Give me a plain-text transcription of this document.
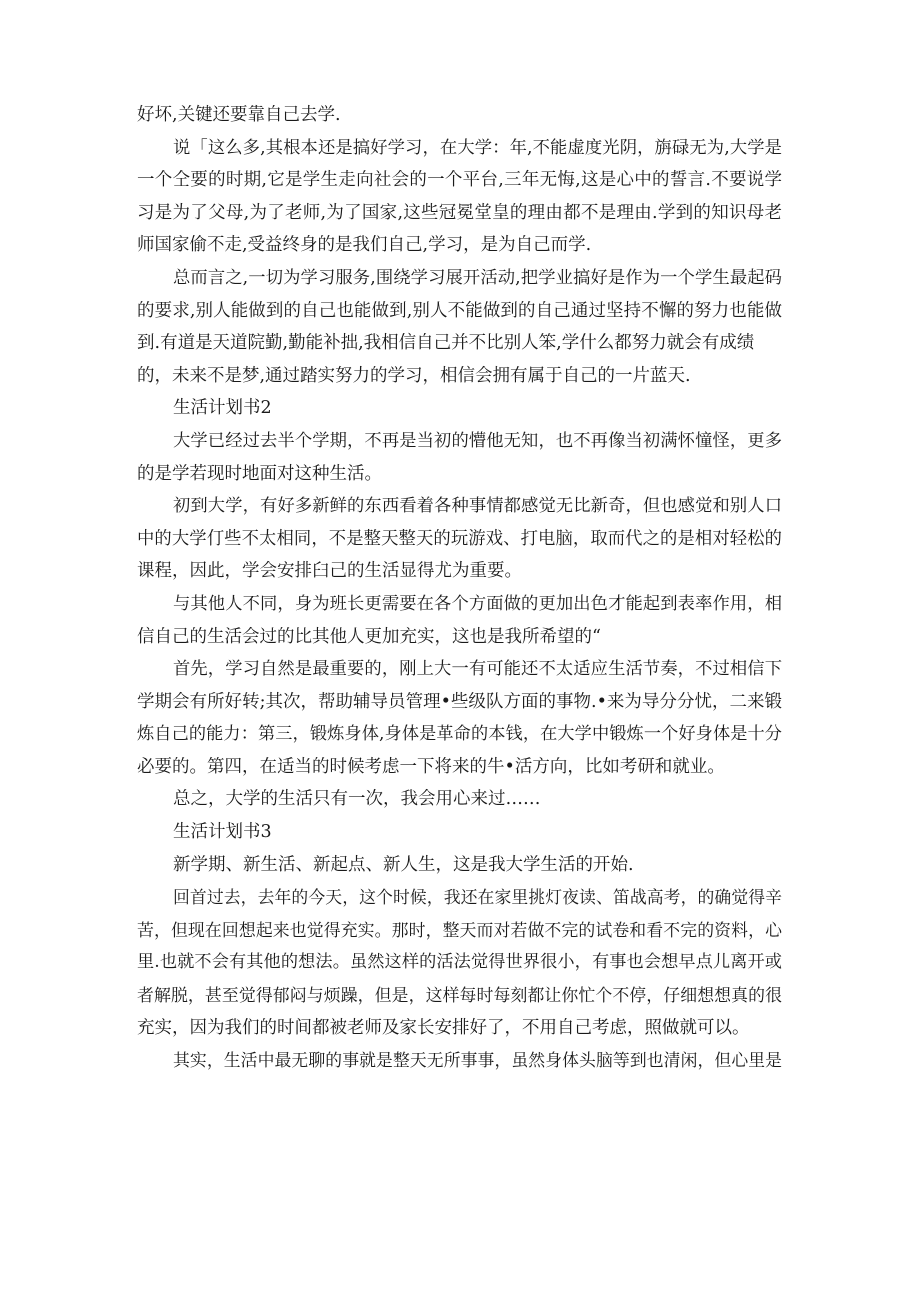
好坏,关键还要靠自己去学.
说「这么多,其根本还是搞好学习，在大学：年,不能虚度光阴，旃碌无为,大学是
一个仝要的时期,它是学生走向社会的一个平台,三年无悔,这是心中的誓言.不要说学
习是为了父母,为了老师,为了国家,这些冠冕堂皇的理由都不是理由.学到的知识母老
师国家偷不走,受益终身的是我们自己,学习，是为自己而学.
总而言之,一切为学习服务,围绕学习展开活动,把学业搞好是作为一个学生最起码
的要求,别人能做到的自己也能做到,别人不能做到的自己通过坚持不懈的努力也能做
到.有道是天道院勤,勤能补拙,我相信自己并不比别人笨,学什么都努力就会有成绩
的，未来不是梦,通过踏实努力的学习，相信会拥有属于自己的一片蓝天.
生活计划书2
大学已经过去半个学期，不再是当初的懵他无知，也不再像当初满怀憧怪，更多
的是学若现时地面对这种生活。
初到大学，有好多新鲜的东西看着各种事情都感觉无比新奇，但也感觉和别人口
中的大学仃些不太相同，不是整天整天的玩游戏、打电脑，取而代之的是相对轻松的
课程，因此，学会安排臼己的生活显得尤为重要。
与其他人不同，身为班长更需要在各个方面做的更加出色才能起到表率作用，相
信自己的生活会过的比其他人更加充实，这也是我所希望的“
首先，学习自然是最重要的，刚上大一有可能还不太适应生活节奏，不过相信下
学期会有所好转;其次，帮助辅导员管理•些级队方面的事物.•来为导分分忧，二来锻
炼自己的能力：第三，锻炼身体,身体是革命的本钱，在大学中锻炼一个好身体是十分
必要的。第四，在适当的时候考虑一下将来的牛•活方向，比如考研和就业。
总之，大学的生活只有一次，我会用心来过……
生活计划书3
新学期、新生活、新起点、新人生，这是我大学生活的开始.
回首过去，去年的今天，这个时候，我还在家里挑灯夜读、笛战高考，的确觉得辛
苦，但现在回想起来也觉得充实。那时，整天而对若做不完的试卷和看不完的资料，心
里.也就不会有其他的想法。虽然这样的活法觉得世界很小，有事也会想早点儿离开或
者解脱，甚至觉得郁闷与烦躁，但是，这样每时每刻都让你忙个不停，仔细想想真的很
充实，因为我们的时间都被老师及家长安排好了，不用自己考虑，照做就可以。
其实，生活中最无聊的事就是整天无所事事，虽然身体头脑等到也清闲，但心里是
